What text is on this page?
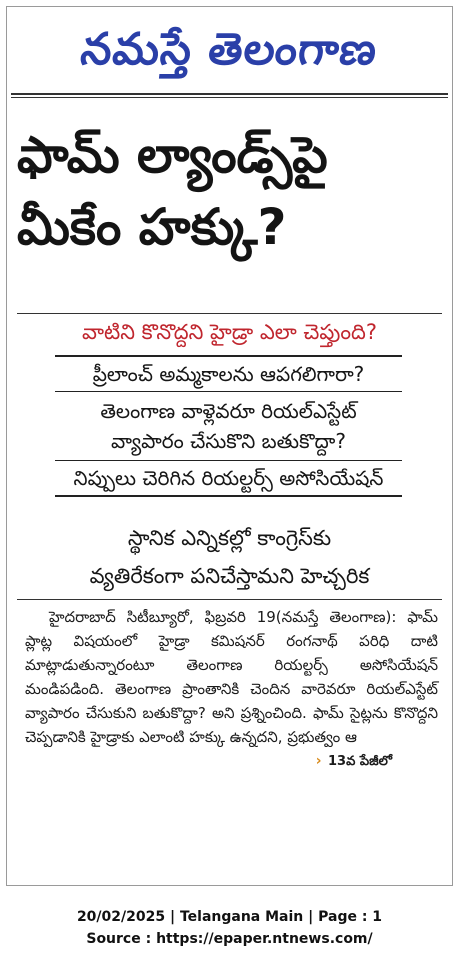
నమస్తే తెలంగాణ
ఫామ్ ల్యాండ్స్‌పై
మీకేం హక్కు?
వాటిని కొనొద్దని హైడ్రా ఎలా చెప్తుంది?
ప్రీలాంచ్ అమ్మకాలను ఆపగలిగారా?
తెలంగాణ వాళ్లెవరూ రియల్‌ఎస్టేట్
వ్యాపారం చేసుకొని బతుకొద్దా?
నిప్పులు చెరిగిన రియల్టర్స్ అసోసియేషన్
స్థానిక ఎన్నికల్లో కాంగ్రెస్‌కు
వ్యతిరేకంగా పనిచేస్తామని హెచ్చరిక

హైదరాబాద్ సిటీబ్యూరో, ఫిబ్రవరి 19(నమస్తే తెలంగాణ): ఫామ్ ప్లాట్ల విషయంలో హైడ్రా కమిషనర్ రంగనాథ్ పరిధి దాటి మాట్లాడుతున్నారంటూ తెలంగాణ రియల్టర్స్ అసోసియేషన్ మండిపడింది. తెలంగాణ ప్రాంతానికి చెందిన వారెవరూ రియల్‌ఎస్టేట్ వ్యాపారం చేసుకుని బతుకొద్దా? అని ప్రశ్నించింది. ఫామ్ సైట్లను కొనొద్దని చెప్పడానికి హైడ్రాకు ఎలాంటి హక్కు ఉన్నదని, ప్రభుత్వం ఆ

› 13వ పేజీలో
20/02/2025 | Telangana Main | Page : 1
Source : https://epaper.ntnews.com/
